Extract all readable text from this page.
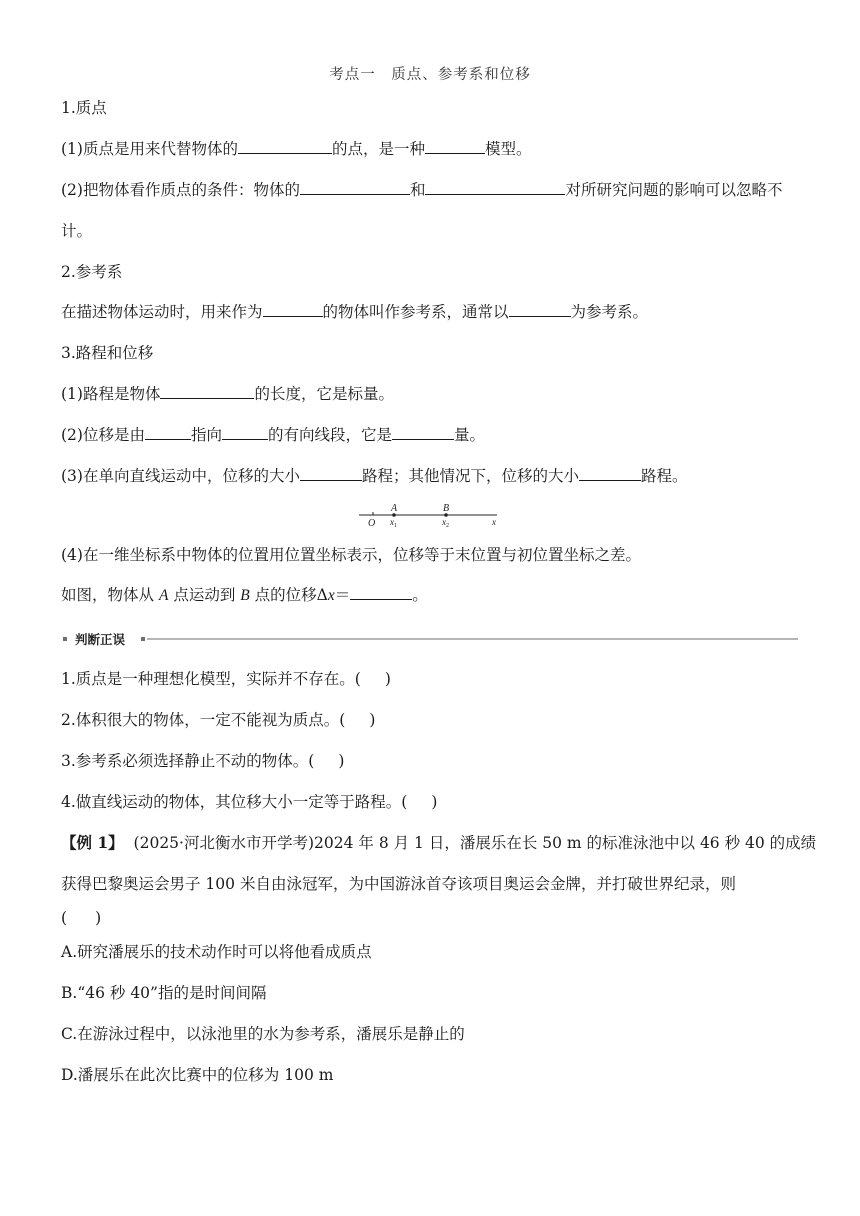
考点一　质点、参考系和位移
1.质点
(1)质点是用来代替物体的	的点，是一种	模型。
(2)把物体看作质点的条件：物体的	和	对所研究问题的影响可以忽略不
计。
2.参考系
在描述物体运动时，用来作为	的物体叫作参考系，通常以	为参考系。
3.路程和位移
(1)路程是物体	的长度，它是标量。
(2)位移是由	指向	的有向线段，它是	量。
(3)在单向直线运动中，位移的大小	路程；其他情况下，位移的大小	路程。
O
A	B
$x_1$	$x_2$	x
(4)在一维坐标系中物体的位置用位置坐标表示，位移等于末位置与初位置坐标之差。
如图，物体从 A 点运动到 B 点的位移Δx＝	。
判断正误
1.质点是一种理想化模型，实际并不存在。( )
2.体积很大的物体，一定不能视为质点。( )
3.参考系必须选择静止不动的物体。( )
4.做直线运动的物体，其位移大小一定等于路程。( )
【例 1】 (2025·河北衡水市开学考)2024 年 8 月 1 日，潘展乐在长 50 m 的标准泳池中以 46 秒 40 的成绩
获得巴黎奥运会男子 100 米自由泳冠军，为中国游泳首夺该项目奥运会金牌，并打破世界纪录，则
( )
A.研究潘展乐的技术动作时可以将他看成质点
B.“46 秒 40”指的是时间间隔
C.在游泳过程中，以泳池里的水为参考系，潘展乐是静止的
D.潘展乐在此次比赛中的位移为 100 m
